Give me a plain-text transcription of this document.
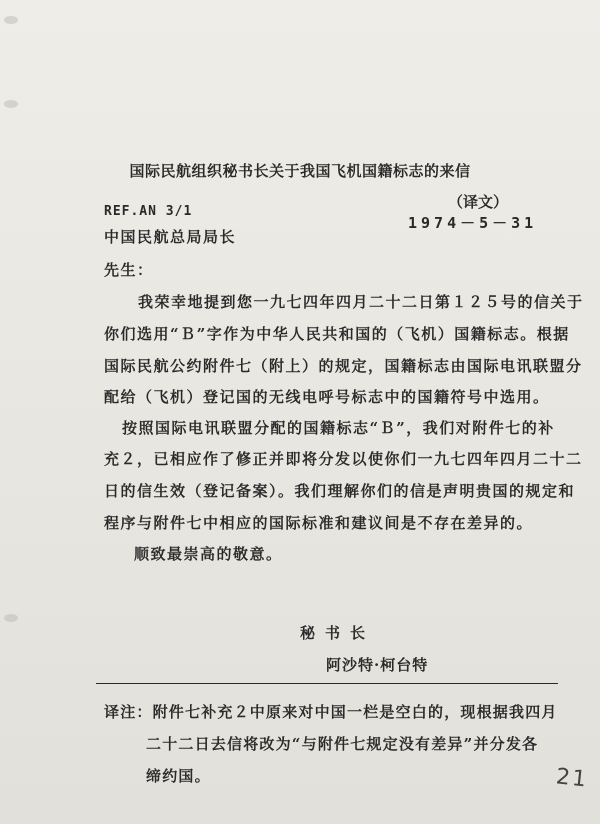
国际民航组织秘书长关于我国飞机国籍标志的来信
（译文）
REF.AN 3/1
1974－5－31
中国民航总局局长
先生：
我荣幸地提到您一九七四年四月二十二日第１２５号的信关于
你们选用“Ｂ”字作为中华人民共和国的（飞机）国籍标志。根据
国际民航公约附件七（附上）的规定，国籍标志由国际电讯联盟分
配给（飞机）登记国的无线电呼号标志中的国籍符号中选用。
按照国际电讯联盟分配的国籍标志“Ｂ”，我们对附件七的补
充２，已相应作了修正并即将分发以使你们一九七四年四月二十二
日的信生效（登记备案）。我们理解你们的信是声明贵国的规定和
程序与附件七中相应的国际标准和建议间是不存在差异的。
顺致最崇高的敬意。
秘书长
阿沙特·柯台特
译注：附件七补充２中原来对中国一栏是空白的，现根据我四月
二十二日去信将改为“与附件七规定没有差异”并分发各
缔约国。	21
